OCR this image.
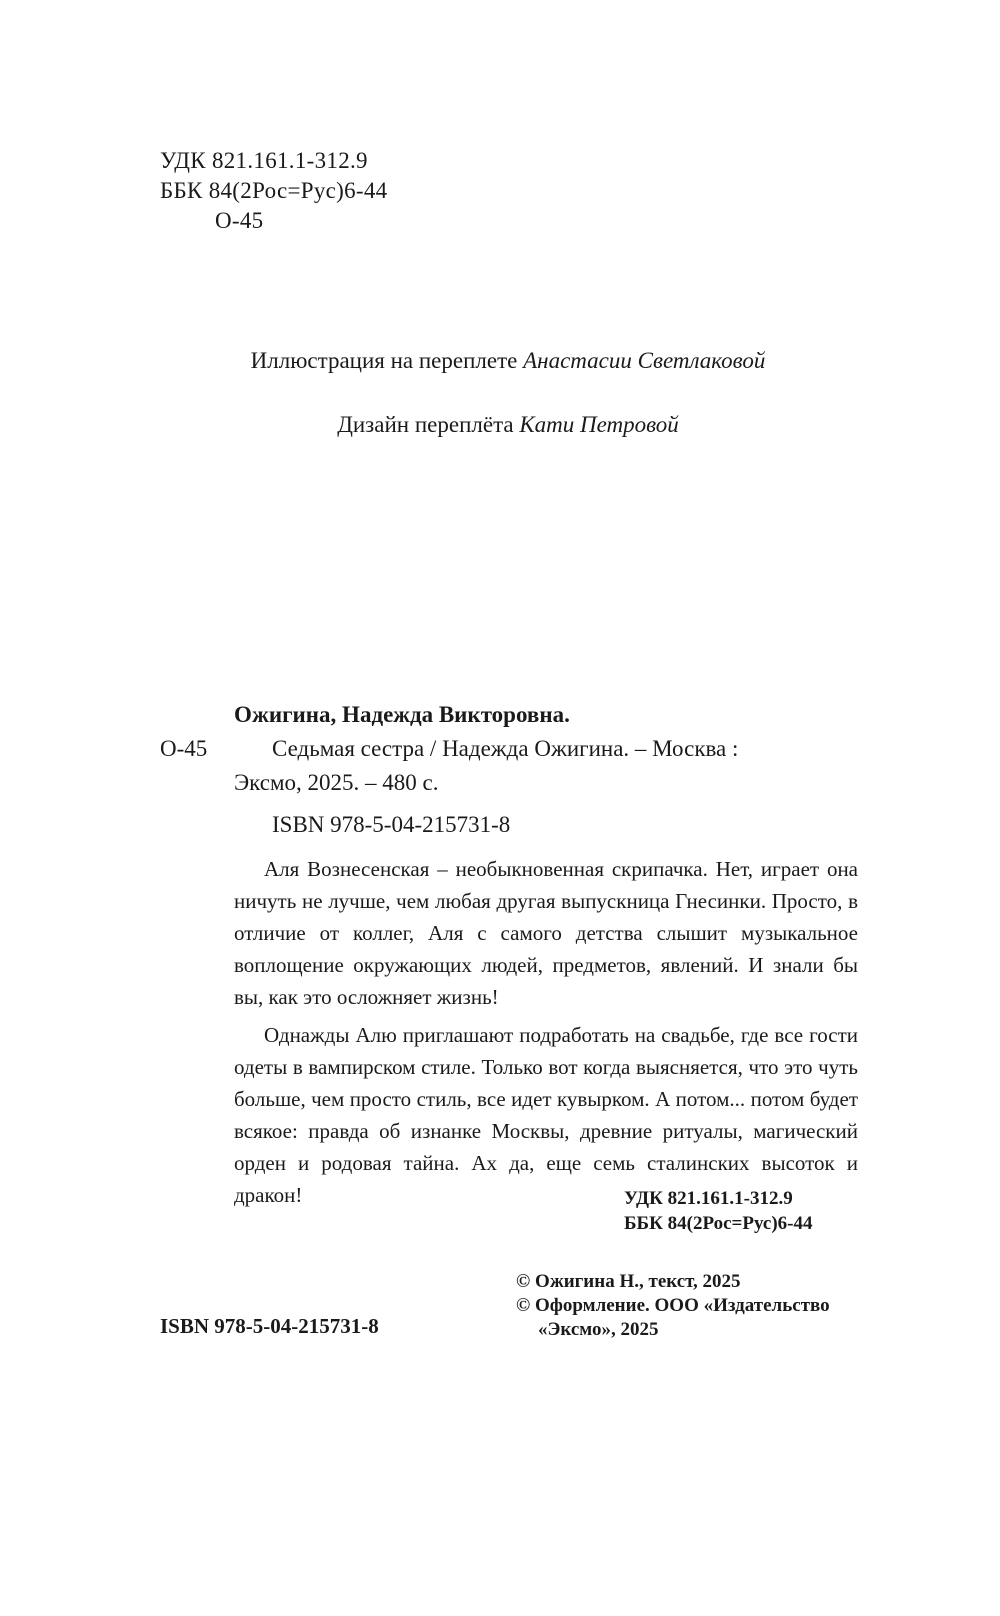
УДК 821.161.1-312.9
ББК 84(2Рос=Рус)6-44
О-45
Иллюстрация на переплете Анастасии Светлаковой
Дизайн переплёта Кати Петровой
Ожигина, Надежда Викторовна.
О-45	Седьмая сестра / Надежда Ожигина. – Москва :
Эксмо, 2025. – 480 с.
ISBN 978-5-04-215731-8

Аля Вознесенская – необыкновенная скрипачка. Нет, играет она ничуть не лучше, чем любая другая выпускница Гнесинки. Просто, в отличие от коллег, Аля с самого детства слышит музыкальное воплощение окружающих людей, предметов, явлений. И знали бы вы, как это осложняет жизнь!

Однажды Алю приглашают подработать на свадьбе, где все гости одеты в вампирском стиле. Только вот когда выясняется, что это чуть больше, чем просто стиль, все идет кувырком. А потом... потом будет всякое: правда об изнанке Москвы, древние ритуалы, магический орден и родовая тайна. Ах да, еще семь сталинских высоток и дракон!	УДК 821.161.1-312.9
ББК 84(2Рос=Рус)6-44
© Ожигина Н., текст, 2025
© Оформление. ООО «Издательство
«Эксмо», 2025
ISBN 978-5-04-215731-8
